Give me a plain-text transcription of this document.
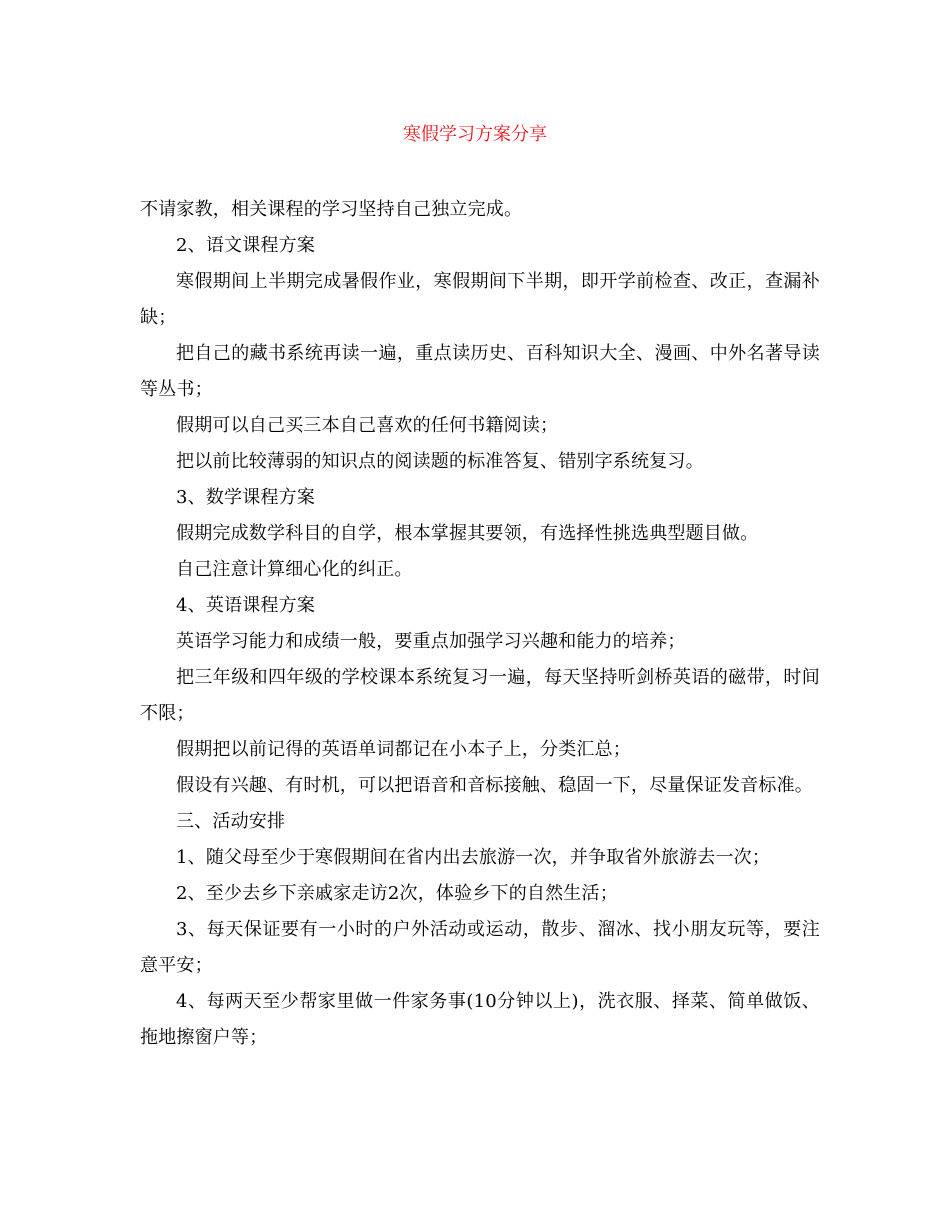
寒假学习方案分享

不请家教，相关课程的学习坚持自己独立完成。

2、语文课程方案

寒假期间上半期完成暑假作业，寒假期间下半期，即开学前检查、改正，查漏补缺；

把自己的藏书系统再读一遍，重点读历史、百科知识大全、漫画、中外名著导读等丛书；

假期可以自己买三本自己喜欢的任何书籍阅读；

把以前比较薄弱的知识点的阅读题的标准答复、错别字系统复习。

3、数学课程方案

假期完成数学科目的自学，根本掌握其要领，有选择性挑选典型题目做。

自己注意计算细心化的纠正。

4、英语课程方案

英语学习能力和成绩一般，要重点加强学习兴趣和能力的培养；

把三年级和四年级的学校课本系统复习一遍，每天坚持听剑桥英语的磁带，时间不限；

假期把以前记得的英语单词都记在小本子上，分类汇总；

假设有兴趣、有时机，可以把语音和音标接触、稳固一下，尽量保证发音标准。

三、活动安排

1、随父母至少于寒假期间在省内出去旅游一次，并争取省外旅游去一次；

2、至少去乡下亲戚家走访2次，体验乡下的自然生活；

3、每天保证要有一小时的户外活动或运动，散步、溜冰、找小朋友玩等，要注意平安；

4、每两天至少帮家里做一件家务事(10分钟以上)，洗衣服、择菜、简单做饭、拖地擦窗户等；
